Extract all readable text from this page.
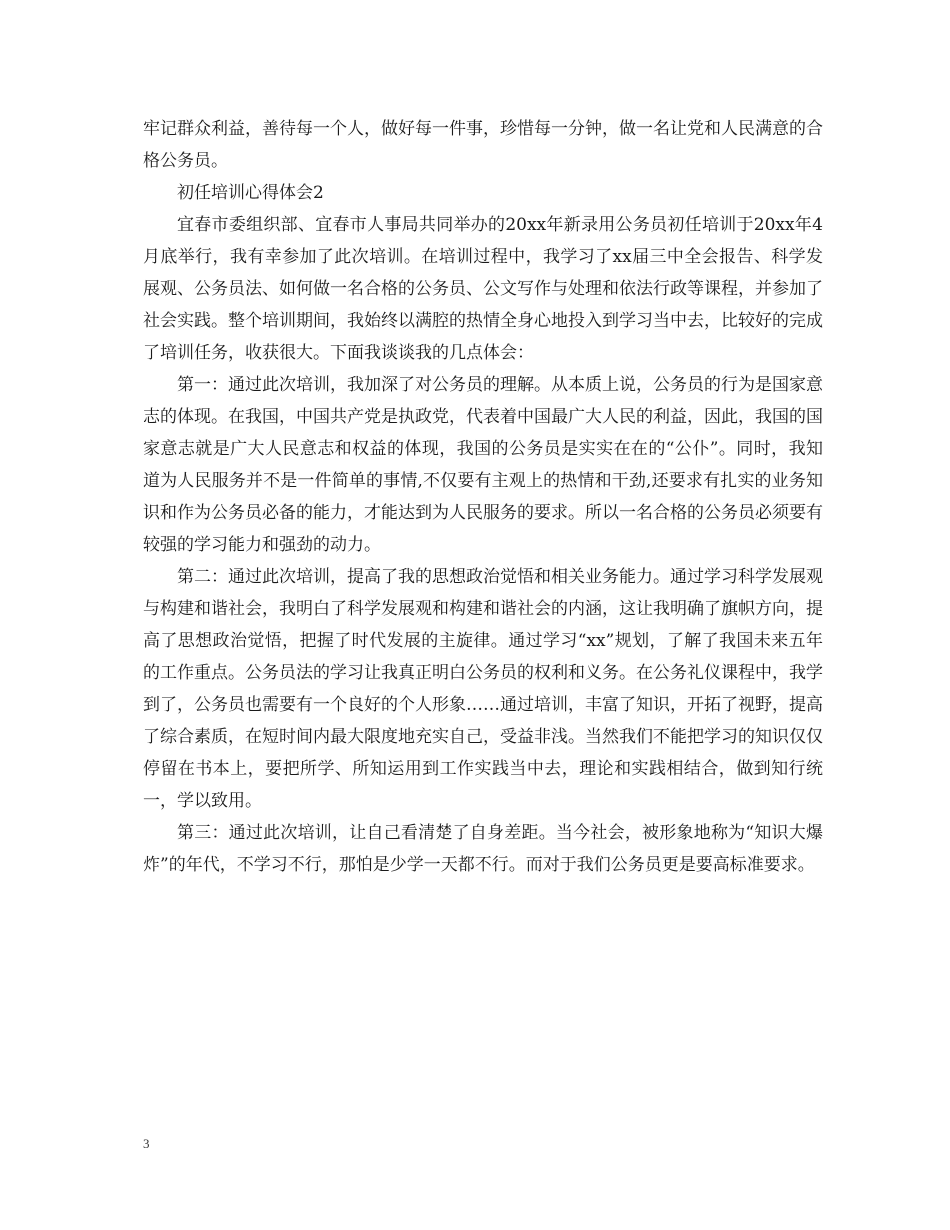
牢记群众利益，善待每一个人，做好每一件事，珍惜每一分钟，做一名让党和人民满意的合格公务员。

初任培训心得体会2

宜春市委组织部、宜春市人事局共同举办的20xx年新录用公务员初任培训于20xx年4月底举行，我有幸参加了此次培训。在培训过程中，我学习了xx届三中全会报告、科学发展观、公务员法、如何做一名合格的公务员、公文写作与处理和依法行政等课程，并参加了社会实践。整个培训期间，我始终以满腔的热情全身心地投入到学习当中去，比较好的完成了培训任务，收获很大。下面我谈谈我的几点体会：

第一：通过此次培训，我加深了对公务员的理解。从本质上说，公务员的行为是国家意志的体现。在我国，中国共产党是执政党，代表着中国最广大人民的利益，因此，我国的国家意志就是广大人民意志和权益的体现，我国的公务员是实实在在的“公仆”。同时，我知道为人民服务并不是一件简单的事情,不仅要有主观上的热情和干劲,还要求有扎实的业务知识和作为公务员必备的能力，才能达到为人民服务的要求。所以一名合格的公务员必须要有较强的学习能力和强劲的动力。

第二：通过此次培训，提高了我的思想政治觉悟和相关业务能力。通过学习科学发展观与构建和谐社会，我明白了科学发展观和构建和谐社会的内涵，这让我明确了旗帜方向，提高了思想政治觉悟，把握了时代发展的主旋律。通过学习“xx”规划，了解了我国未来五年的工作重点。公务员法的学习让我真正明白公务员的权利和义务。在公务礼仪课程中，我学到了，公务员也需要有一个良好的个人形象……通过培训，丰富了知识，开拓了视野，提高了综合素质，在短时间内最大限度地充实自己，受益非浅。当然我们不能把学习的知识仅仅停留在书本上，要把所学、所知运用到工作实践当中去，理论和实践相结合，做到知行统一，学以致用。

第三：通过此次培训，让自己看清楚了自身差距。当今社会，被形象地称为“知识大爆炸”的年代，不学习不行，那怕是少学一天都不行。而对于我们公务员更是要高标准要求。

3
